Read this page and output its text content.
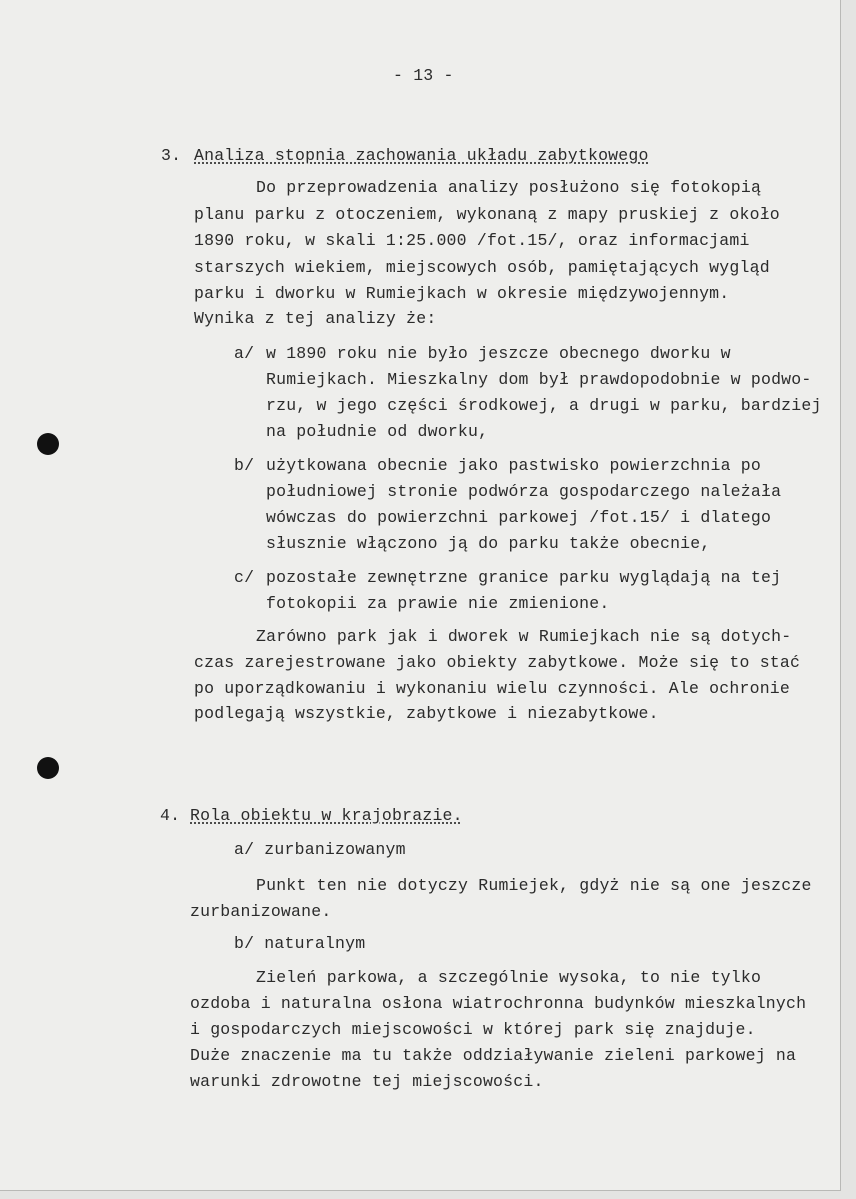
- 13 -
3. Analiza stopnia zachowania układu zabytkowego
Do przeprowadzenia analizy posłużono się fotokopią
planu parku z otoczeniem, wykonaną z mapy pruskiej z około
1890 roku, w skali 1:25.000 /fot.15/, oraz informacjami
starszych wiekiem, miejscowych osób, pamiętających wygląd
parku i dworku w Rumiejkach w okresie międzywojennym.
Wynika z tej analizy że:
a/ w 1890 roku nie było jeszcze obecnego dworku w
Rumiejkach. Mieszkalny dom był prawdopodobnie w podwo-
rzu, w jego części środkowej, a drugi w parku, bardziej
na południe od dworku,
b/ użytkowana obecnie jako pastwisko powierzchnia po
południowej stronie podwórza gospodarczego należała
wówczas do powierzchni parkowej /fot.15/ i dlatego
słusznie włączono ją do parku także obecnie,
c/ pozostałe zewnętrzne granice parku wyglądają na tej
fotokopii za prawie nie zmienione.
Zarówno park jak i dworek w Rumiejkach nie są dotych-
czas zarejestrowane jako obiekty zabytkowe. Może się to stać
po uporządkowaniu i wykonaniu wielu czynności. Ale ochronie
podlegają wszystkie, zabytkowe i niezabytkowe.
4. Rola obiektu w krajobrazie.
a/ zurbanizowanym
Punkt ten nie dotyczy Rumiejek, gdyż nie są one jeszcze
zurbanizowane.
b/ naturalnym
Zieleń parkowa, a szczególnie wysoka, to nie tylko
ozdoba i naturalna osłona wiatrochronna budynków mieszkalnych
i gospodarczych miejscowości w której park się znajduje.
Duże znaczenie ma tu także oddziaływanie zieleni parkowej na
warunki zdrowotne tej miejscowości.
